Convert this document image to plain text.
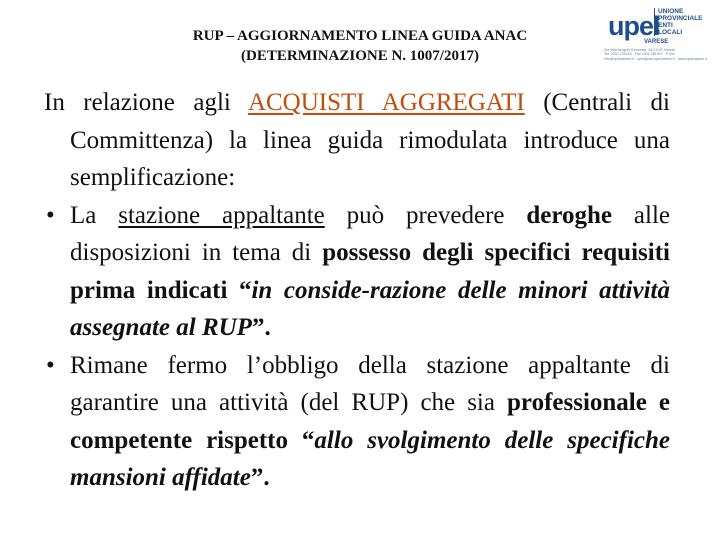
RUP – AGGIORNAMENTO LINEA GUIDA ANAC
(DETERMINAZIONE N. 1007/2017)
upel
UNIONE
PROVINCIALE
ENTI
LOCALI
VARESE
Via Villa Arrigoni Genovesi, 28 21100 Varese
Tel. 0332 235315 · Fax 0332 281907 · P.IVA
info@upelvarese.it · upel@pec.upelvarese.it · www.upelvarese.it

In relazione agli ACQUISTI AGGREGATI (Centrali di Committenza) la linea guida rimodulata introduce una semplificazione:

• La stazione appaltante può prevedere deroghe alle disposizioni in tema di possesso degli specifici requisiti prima indicati “in conside-razione delle minori attività assegnate al RUP”.
• Rimane fermo l’obbligo della stazione appaltante di garantire una attività (del RUP) che sia professionale e competente rispetto “allo svolgimento delle specifiche mansioni affidate”.
